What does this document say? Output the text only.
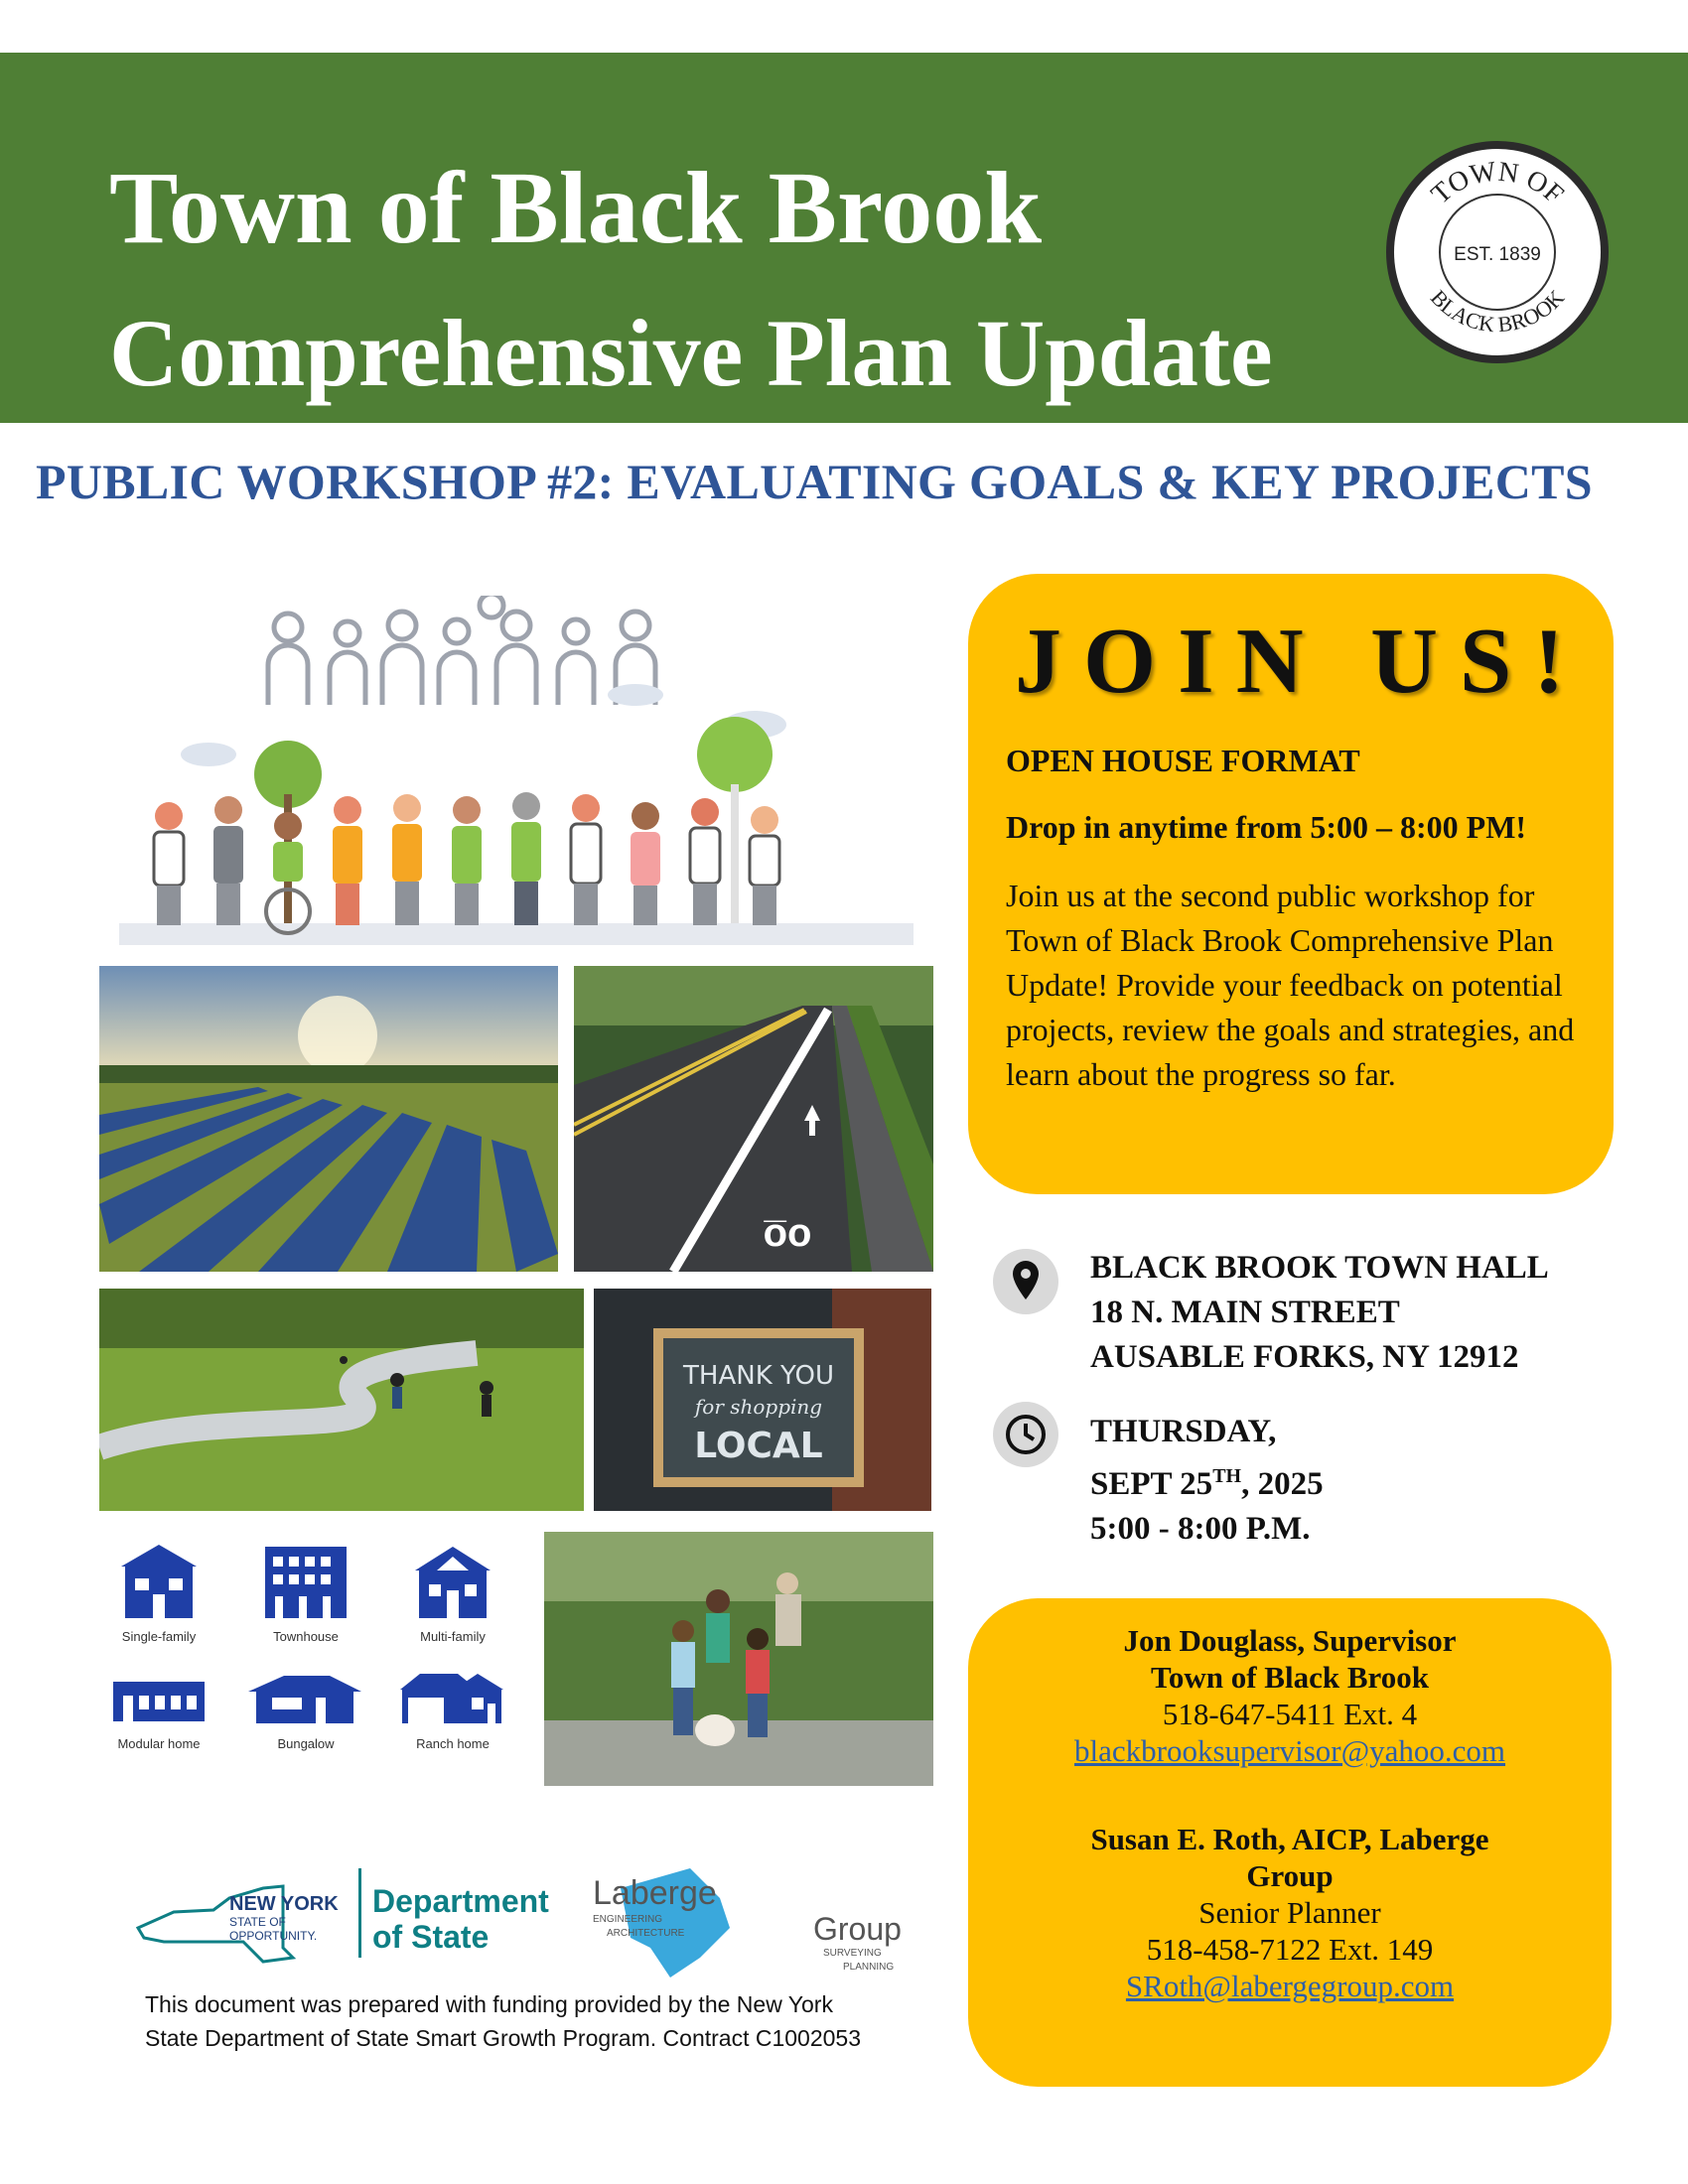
Town of Black Brook
Comprehensive Plan Update
TOWN OF
BLACK BROOK
EST. 1839
PUBLIC WORKSHOP #2: EVALUATING GOALS & KEY PROJECTS
o̅o
THANK YOU
for shopping
LOCAL
Single-family	Townhouse	Multi-family
Modular home	Bungalow	Ranch home
NEW YORK
STATE OF
OPPORTUNITY.
Department
of State
Laberge
ENGINEERING
ARCHITECTURE	Group
SURVEYING
PLANNING
This document was prepared with funding provided by the New York
State Department of State Smart Growth Program. Contract C1002053
JOIN US!
OPEN HOUSE FORMAT
Drop in anytime from 5:00 – 8:00 PM!
Join us at the second public workshop for Town of Black Brook Comprehensive Plan Update! Provide your feedback on potential projects, review the goals and strategies, and learn about the progress so far.
BLACK BROOK TOWN HALL
18 N. MAIN STREET
AUSABLE FORKS, NY 12912
THURSDAY,
SEPT 25TH, 2025
5:00 - 8:00 P.M.
Jon Douglass, Supervisor
Town of Black Brook
518-647-5411 Ext. 4
blackbrooksupervisor@yahoo.com
Susan E. Roth, AICP, Laberge
Group
Senior Planner
518-458-7122 Ext. 149
SRoth@labergegroup.com
